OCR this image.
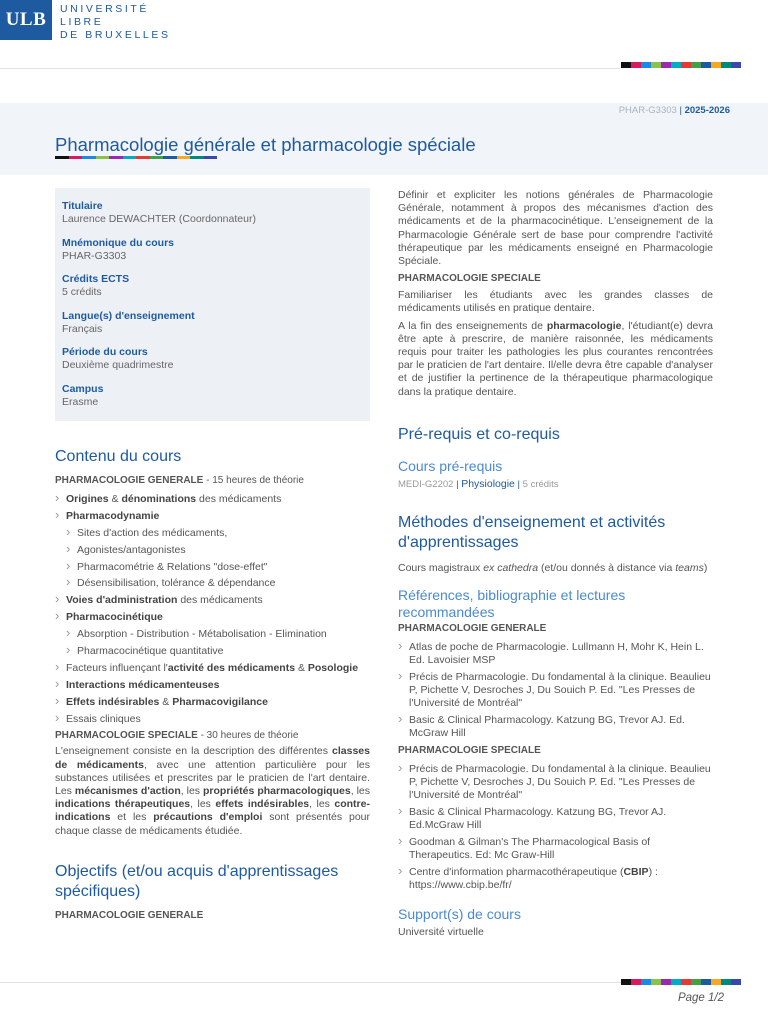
ULB	UNIVERSITÉ
LIBRE
DE BRUXELLES
PHAR-G3303 | 2025-2026
Pharmacologie générale et pharmacologie spéciale
Titulaire
Laurence DEWACHTER (Coordonnateur)
Mnémonique du cours
PHAR-G3303
Crédits ECTS
5 crédits
Langue(s) d'enseignement
Français
Période du cours
Deuxième quadrimestre
Campus
Erasme
Contenu du cours
PHARMACOLOGIE GENERALE - 15 heures de théorie
› Origines & dénominations des médicaments
› Pharmacodynamie
› Sites d'action des médicaments,
› Agonistes/antagonistes
› Pharmacométrie & Relations "dose-effet"
› Désensibilisation, tolérance & dépendance
› Voies d'administration des médicaments
› Pharmacocinétique
› Absorption - Distribution - Métabolisation - Elimination
› Pharmacocinétique quantitative
› Facteurs influençant l'activité des médicaments & Posologie
› Interactions médicamenteuses
› Effets indésirables & Pharmacovigilance
› Essais cliniques
PHARMACOLOGIE SPECIALE - 30 heures de théorie

L'enseignement consiste en la description des différentes classes de médicaments, avec une attention particulière pour les substances utilisées et prescrites par le praticien de l'art dentaire. Les mécanismes d'action, les propriétés pharmacologiques, les indications thérapeutiques, les effets indésirables, les contre-indications et les précautions d'emploi sont présentés pour chaque classe de médicaments étudiée.

Objectifs (et/ou acquis d'apprentissages spécifiques)
PHARMACOLOGIE GENERALE

Définir et expliciter les notions générales de Pharmacologie Générale, notamment à propos des mécanismes d'action des médicaments et de la pharmacocinétique. L'enseignement de la Pharmacologie Générale sert de base pour comprendre l'activité thérapeutique par les médicaments enseigné en Pharmacologie Spéciale.

PHARMACOLOGIE SPECIALE

Familiariser les étudiants avec les grandes classes de médicaments utilisés en pratique dentaire.

A la fin des enseignements de pharmacologie, l'étudiant(e) devra être apte à prescrire, de manière raisonnée, les médicaments requis pour traiter les pathologies les plus courantes rencontrées par le praticien de l'art dentaire. Il/elle devra être capable d'analyser et de justifier la pertinence de la thérapeutique pharmacologique dans la pratique dentaire.

Pré-requis et co-requis
Cours pré-requis
MEDI-G2202 | Physiologie | 5 crédits
Méthodes d'enseignement et activités d'apprentissages

Cours magistraux ex cathedra (et/ou donnés à distance via teams)

Références, bibliographie et lectures recommandées
PHARMACOLOGIE GENERALE
› Atlas de poche de Pharmacologie. Lullmann H, Mohr K, Hein L. Ed. Lavoisier MSP
› Précis de Pharmacologie. Du fondamental à la clinique. Beaulieu P, Pichette V, Desroches J, Du Souich P. Ed. "Les Presses de l'Université de Montréal"
› Basic & Clinical Pharmacology. Katzung BG, Trevor AJ. Ed. McGraw Hill
PHARMACOLOGIE SPECIALE
› Précis de Pharmacologie. Du fondamental à la clinique. Beaulieu P, Pichette V, Desroches J, Du Souich P. Ed. "Les Presses de l'Université de Montréal"
› Basic & Clinical Pharmacology. Katzung BG, Trevor AJ. Ed.McGraw Hill
› Goodman & Gilman's The Pharmacological Basis of Therapeutics. Ed: Mc Graw-Hill
› Centre d'information pharmacothérapeutique (CBIP) : https://www.cbip.be/fr/
Support(s) de cours

Université virtuelle

Page 1/2
